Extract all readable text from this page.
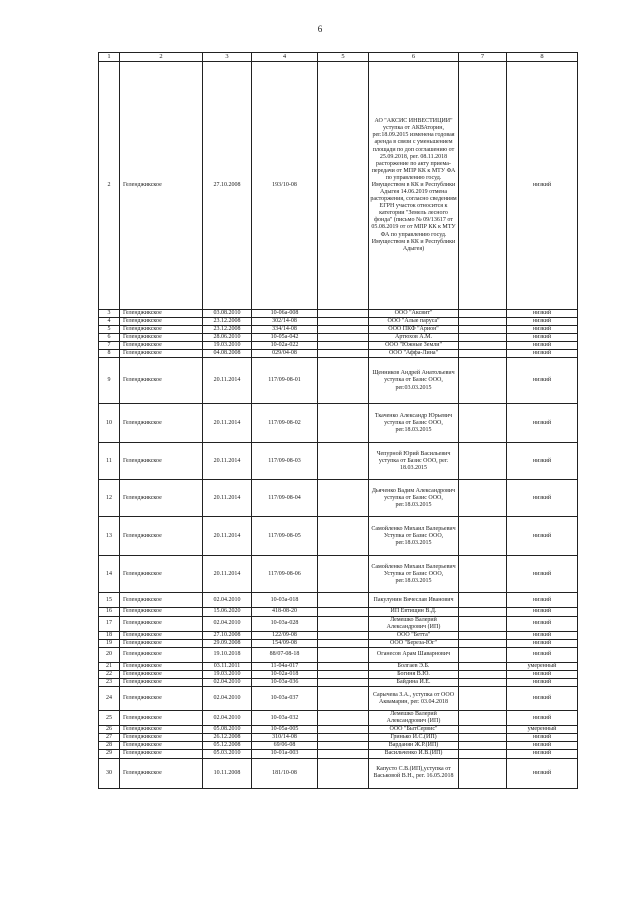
6
1	2	3	4	5	6	7	8
2	Геленджикское	27.10.2008	193/10-08		АО "АКСИС ИНВЕСТИЦИИ" уступка от АКВАторин, рег.18.09.2015 изменена годовая аренда в связи с уменьшением площади по доп соглашению от 25.09.2018, рег. 08.11.2018 расторжение по акту приема-передачи от МПР КК к МТУ ФА по управлению госуд. Имуществом в КК и Республики Адыгея 14.06.2019 отмена расторжения, согласно сведениям ЕГРН участок относится к категории "Земель лесного фонда" (письмо № 09/13617 от 05.08.2019 от от МПР КК к МТУ ФА по управлению госуд. Имуществом в КК и Республики Адыгея)		низкий
3	Геленджикское	03.08.2010	10-06а-008		ООО "Аксвит"		низкий
4	Геленджикское	23.12.2008	302/14-08		ООО "Алые паруса"		низкий
5	Геленджикское	23.12.2008	334/14-08		ООО ПКФ "Арион"		низкий
6	Геленджикское	28.06.2010	10-05а-042		Артюхов А.М.		низкий
7	Геленджикское	19.03.2010	10-02а-022		ООО "Южные Земли"		низкий
8	Геленджикское	04.08.2008	029/04-08		ООО "Аффа-Лина"		низкий
9	Геленджикское	20.11.2014	117/09-08-01		Щенников Андрей Анатольевич уступка от Базис ООО, рег.03.03.2015		низкий
10	Геленджикское	20.11.2014	117/09-08-02		Ткаченко Александр Юрьевич уступка от Базис ООО, рег.18.03.2015		низкий
11	Геленджикское	20.11.2014	117/09-08-03		Чепурной Юрий Васильевич уступка от Базис ООО, рег. 18.03.2015		низкий
12	Геленджикское	20.11.2014	117/09-08-04		Дьяченко Вадим Александрович уступка от Базис ООО, рег.18.03.2015		низкий
13	Геленджикское	20.11.2014	117/09-08-05		Самойленко Михаил Валерьевич Уступка от Базис ООО, рег.18.03.2015		низкий
14	Геленджикское	20.11.2014	117/09-08-06		Самойленко Михаил Валерьевич Уступка от Базис ООО, рег.18.03.2015		низкий
15	Геленджикское	02.04.2010	10-03а-018		Пакулунин Вячеслав Иванович		низкий
16	Геленджикское	15.06.2020	418-08-20		ИП Евтищин В.Д.		низкий
17	Геленджикское	02.04.2010	10-03а-028		Лемешко Валерий Александрович (ИП)		низкий
18	Геленджикское	27.10.2008	122/09-08		ООО "Бетта"		низкий
19	Геленджикское	29.09.2008	154/09-08		ООО "Береза-Юг"		низкий
20	Геленджикское	19.10.2018	88/07-08-18		Оганесов Арам Шаварнович		низкий
21	Геленджикское	03.11.2011	11-04а-017		Болгаев Э.Б.		умеренный
22	Геленджикское	19.03.2010	10-02а-018		Богиня В.Ю.		низкий
23	Геленджикское	02.04.2010	10-03а-036		Байдина И.Е.		низкий
24	Геленджикское	02.04.2010	10-03а-037		Сарычева З.А., уступка от ООО Аквамарин, рег. 03.04.2018		низкий
25	Геленджикское	02.04.2010	10-03а-032		Лемешко Валерий Александрович (ИП)		низкий
26	Геленджикское	05.08.2010	10-05а-005		ООО "БытСервис"		умеренный
27	Геленджикское	26.12.2008	310/14-08		Гринько И.С.(ИП)		низкий
28	Геленджикское	05.12.2008	69/06-08		Варданян Ж.Р.(ИП)		низкий
29	Геленджикское	05.03.2010	10-01а-003		Васильченко И.В.(ИП)		низкий
30	Геленджикское	10.11.2008	181/10-08		Капусто С.В.(ИП),уступка от Васьковой В.Н., рег. 16.05.2018		низкий
